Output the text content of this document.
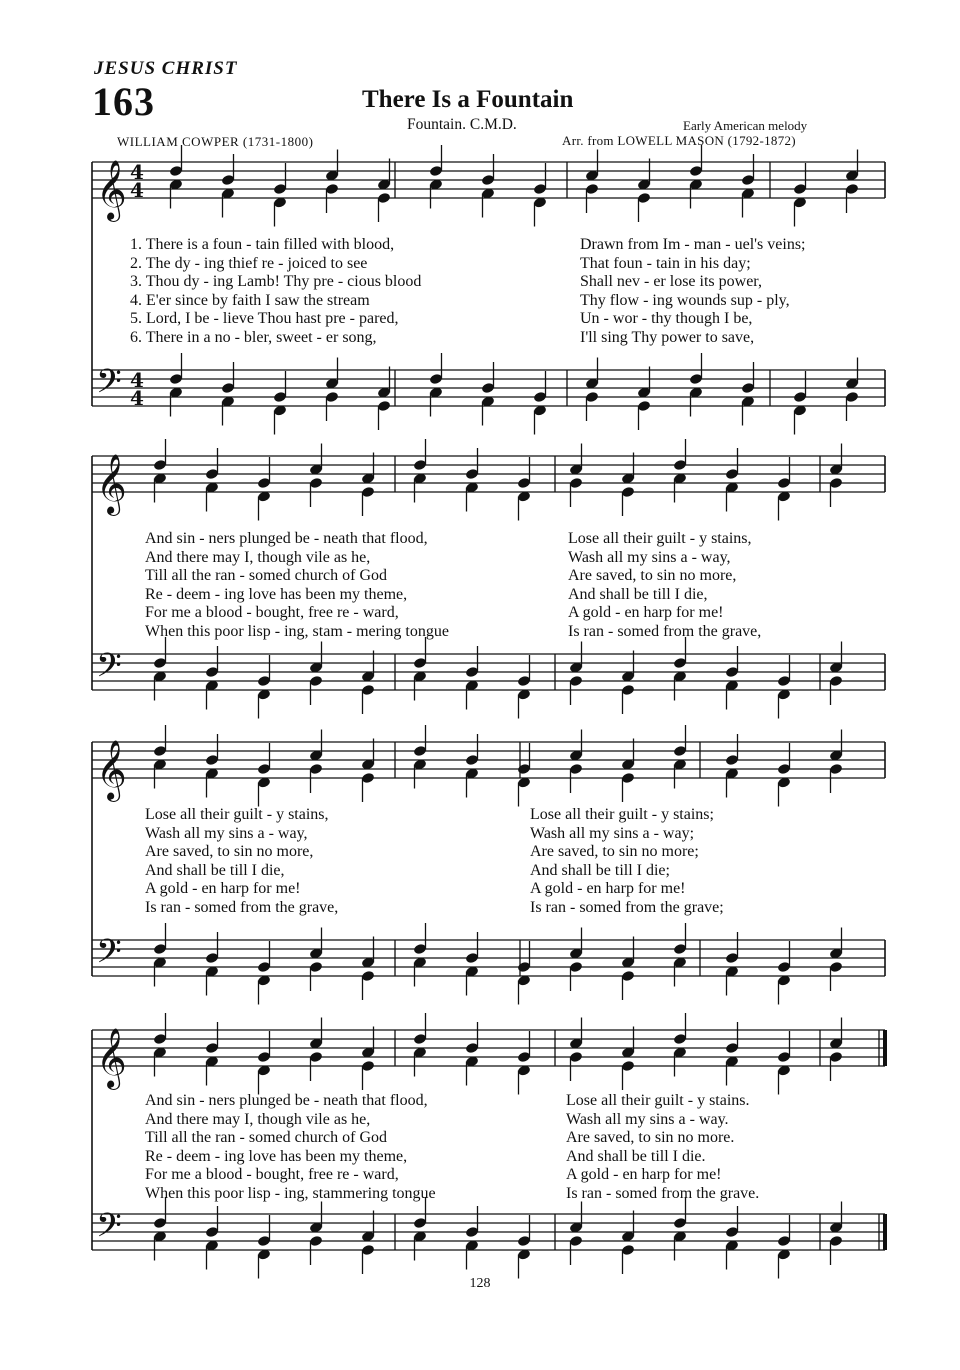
JESUS CHRIST
163	There Is a Fountain
Fountain. C.M.D.	Early American melody
WILLIAM COWPER (1731-1800)	Arr. from LOWELL MASON (1792-1872)
𝄞
𝄢
4
4
4
4
𝄞
𝄢
𝄞
𝄢
𝄞
𝄢
1. There is a foun - tain filled with blood,
2. The dy - ing thief re - joiced to see
3. Thou dy - ing Lamb! Thy pre - cious blood
4. E'er since by faith I saw the stream
5. Lord, I be - lieve Thou hast pre - pared,
6. There in a no - bler, sweet - er song,
Drawn from Im - man - uel's veins;
That foun - tain in his day;
Shall nev - er lose its power,
Thy flow - ing wounds sup - ply,
Un - wor - thy though I be,
I'll sing Thy power to save,
And sin - ners plunged be - neath that flood,
And there may I, though vile as he,
Till all the ran - somed church of God
Re - deem - ing love has been my theme,
For me a blood - bought, free re - ward,
When this poor lisp - ing, stam - mering tongue
Lose all their guilt - y stains,
Wash all my sins a - way,
Are saved, to sin no more,
And shall be till I die,
A gold - en harp for me!
Is ran - somed from the grave,
Lose all their guilt - y stains,
Wash all my sins a - way,
Are saved, to sin no more,
And shall be till I die,
A gold - en harp for me!
Is ran - somed from the grave,
Lose all their guilt - y stains;
Wash all my sins a - way;
Are saved, to sin no more;
And shall be till I die;
A gold - en harp for me!
Is ran - somed from the grave;
And sin - ners plunged be - neath that flood,
And there may I, though vile as he,
Till all the ran - somed church of God
Re - deem - ing love has been my theme,
For me a blood - bought, free re - ward,
When this poor lisp - ing, stammering tongue
Lose all their guilt - y stains.
Wash all my sins a - way.
Are saved, to sin no more.
And shall be till I die.
A gold - en harp for me!
Is ran - somed from the grave.
128
